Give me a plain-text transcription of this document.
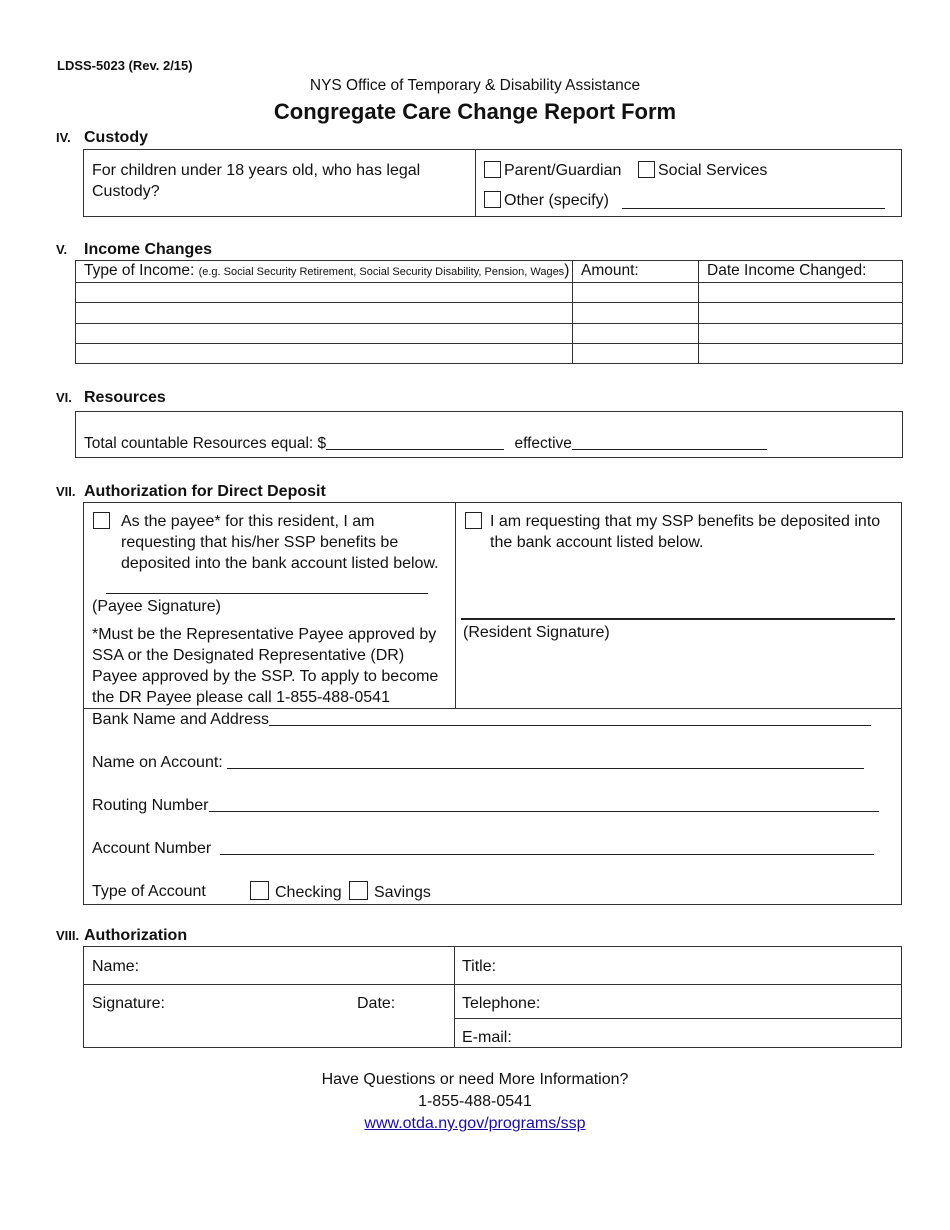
LDSS-5023 (Rev. 2/15)
NYS Office of Temporary & Disability Assistance
Congregate Care Change Report Form
IV. Custody
For children under 18 years old, who has legal Custody?
Parent/Guardian	Social Services
Other (specify)
V. Income Changes
Type of Income: (e.g. Social Security Retirement, Social Security Disability, Pension, Wages) Amount:	Date Income Changed:
VI. Resources
Total countable Resources equal: $	effective
VII. Authorization for Direct Deposit
As the payee* for this resident, I am requesting that his/her SSP benefits be deposited into the bank account listed below.
(Payee Signature)
*Must be the Representative Payee approved by SSA or the Designated Representative (DR) Payee approved by the SSP. To apply to become the DR Payee please call 1-855-488-0541
I am requesting that my SSP benefits be deposited into the bank account listed below.
(Resident Signature)
Bank Name and Address
Name on Account:
Routing Number
Account Number
Type of Account	Checking	Savings
VIII. Authorization
Name:	Title:
Signature:	Date:	Telephone:
E-mail:
Have Questions or need More Information?
1-855-488-0541
www.otda.ny.gov/programs/ssp
